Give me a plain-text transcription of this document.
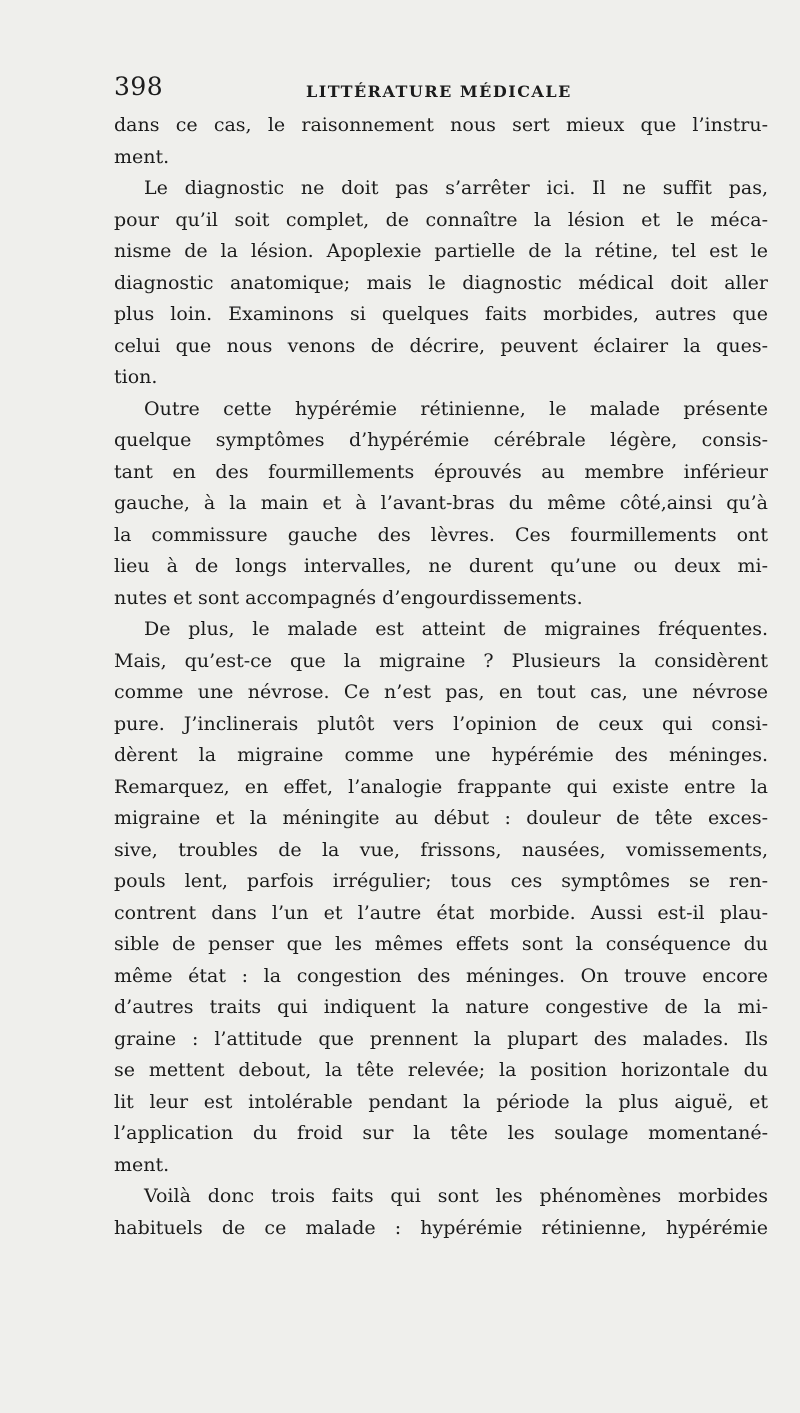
398	LITTÉRATURE MÉDICALE
dans ce cas, le raisonnement nous sert mieux que l’instru-
ment.
Le diagnostic ne doit pas s’arrêter ici. Il ne suffit pas,
pour qu’il soit complet, de connaître la lésion et le méca-
nisme de la lésion. Apoplexie partielle de la rétine, tel est le
diagnostic anatomique; mais le diagnostic médical doit aller
plus loin. Examinons si quelques faits morbides, autres que
celui que nous venons de décrire, peuvent éclairer la ques-
tion.
Outre cette hypérémie rétinienne, le malade présente
quelque symptômes d’hypérémie cérébrale légère, consis-
tant en des fourmillements éprouvés au membre inférieur
gauche, à la main et à l’avant-bras du même côté,ainsi qu’à
la commissure gauche des lèvres. Ces fourmillements ont
lieu à de longs intervalles, ne durent qu’une ou deux mi-
nutes et sont accompagnés d’engourdissements.
De plus, le malade est atteint de migraines fréquentes.
Mais, qu’est-ce que la migraine ? Plusieurs la considèrent
comme une névrose. Ce n’est pas, en tout cas, une névrose
pure. J’inclinerais plutôt vers l’opinion de ceux qui consi-
dèrent la migraine comme une hypérémie des méninges.
Remarquez, en effet, l’analogie frappante qui existe entre la
migraine et la méningite au début : douleur de tête exces-
sive, troubles de la vue, frissons, nausées, vomissements,
pouls lent, parfois irrégulier; tous ces symptômes se ren-
contrent dans l’un et l’autre état morbide. Aussi est-il plau-
sible de penser que les mêmes effets sont la conséquence du
même état : la congestion des méninges. On trouve encore
d’autres traits qui indiquent la nature congestive de la mi-
graine : l’attitude que prennent la plupart des malades. Ils
se mettent debout, la tête relevée; la position horizontale du
lit leur est intolérable pendant la période la plus aiguë, et
l’application du froid sur la tête les soulage momentané-
ment.
Voilà donc trois faits qui sont les phénomènes morbides
habituels de ce malade : hypérémie rétinienne, hypérémie
